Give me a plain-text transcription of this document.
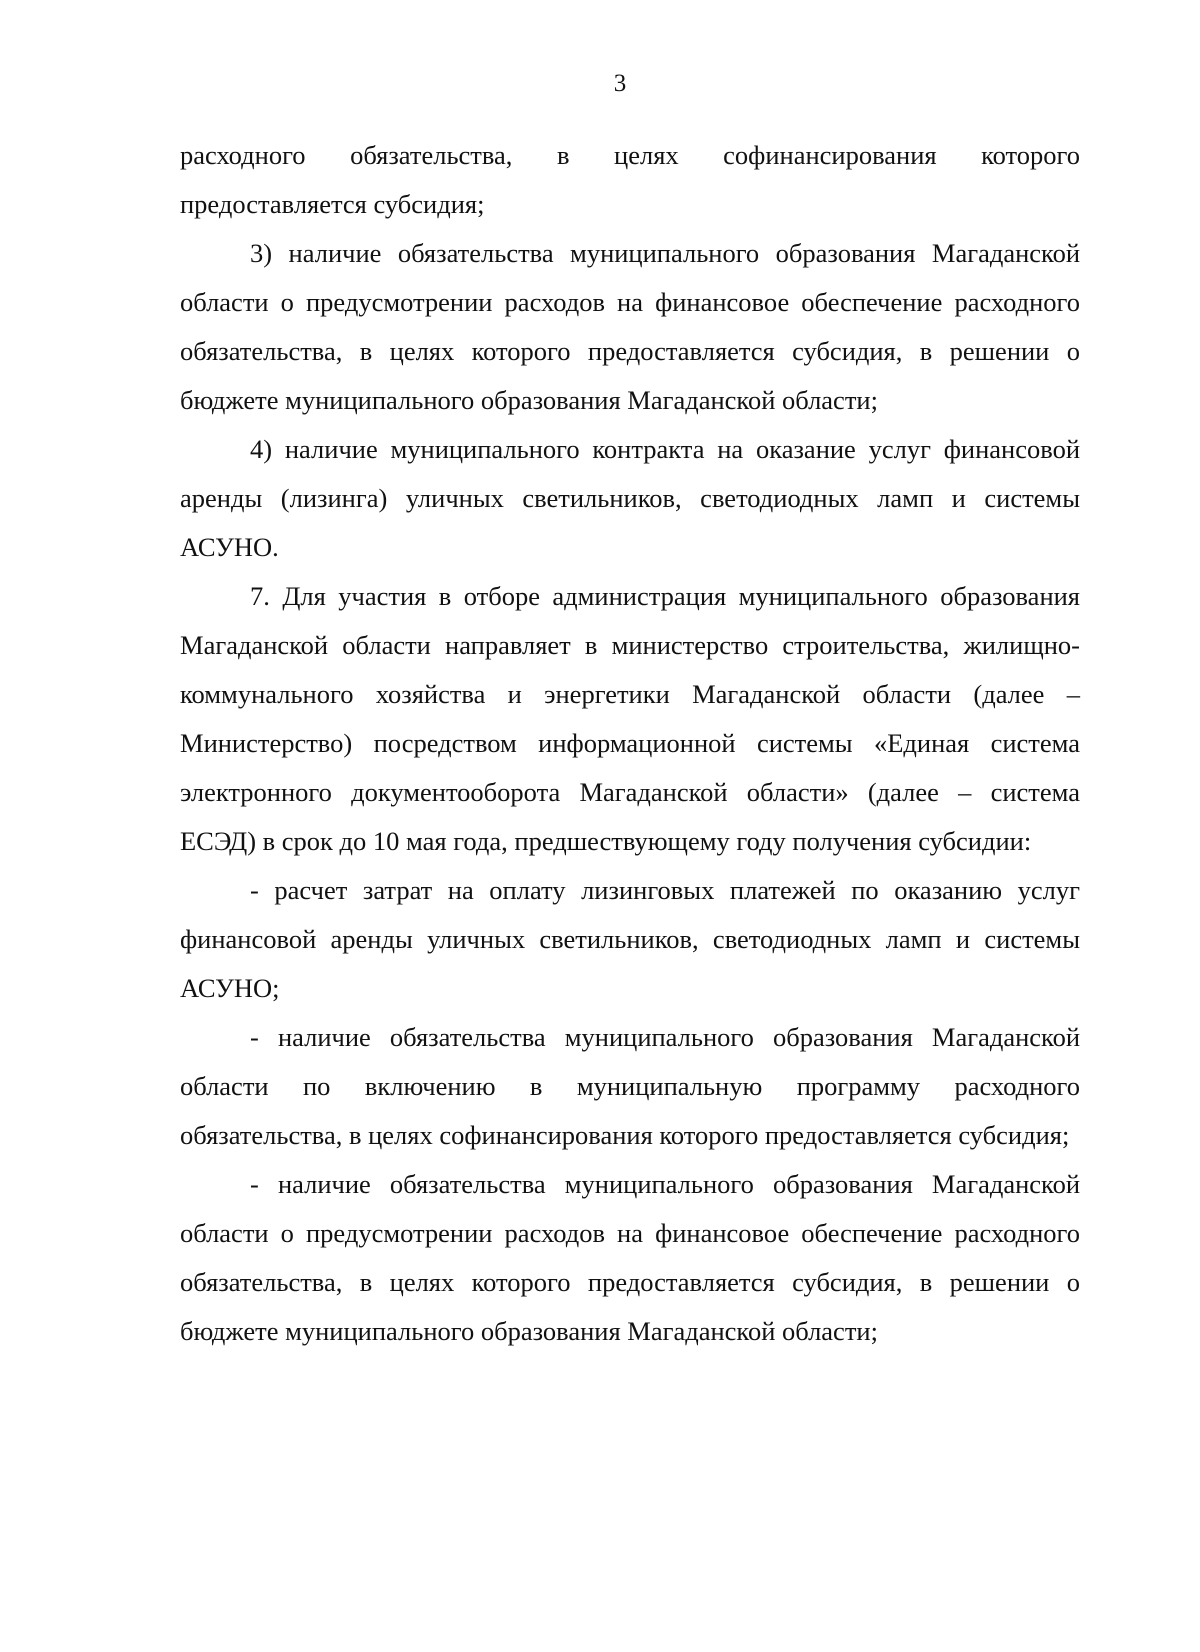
3

расходного обязательства, в целях софинансирования которого предоставляется субсидия;

3) наличие обязательства муниципального образования Магаданской области о предусмотрении расходов на финансовое обеспечение расходного обязательства, в целях которого предоставляется субсидия, в решении о бюджете муниципального образования Магаданской области;

4) наличие муниципального контракта на оказание услуг финансовой аренды (лизинга) уличных светильников, светодиодных ламп и системы АСУНО.

7. Для участия в отборе администрация муниципального образования Магаданской области направляет в министерство строительства, жилищно-коммунального хозяйства и энергетики Магаданской области (далее – Министерство) посредством информационной системы «Единая система электронного документооборота Магаданской области» (далее – система ЕСЭД) в срок до 10 мая года, предшествующему году получения субсидии:

- расчет затрат на оплату лизинговых платежей по оказанию услуг финансовой аренды уличных светильников, светодиодных ламп и системы АСУНО;

- наличие обязательства муниципального образования Магаданской области по включению в муниципальную программу расходного обязательства, в целях софинансирования которого предоставляется субсидия;

- наличие обязательства муниципального образования Магаданской области о предусмотрении расходов на финансовое обеспечение расходного обязательства, в целях которого предоставляется субсидия, в решении о бюджете муниципального образования Магаданской области;
